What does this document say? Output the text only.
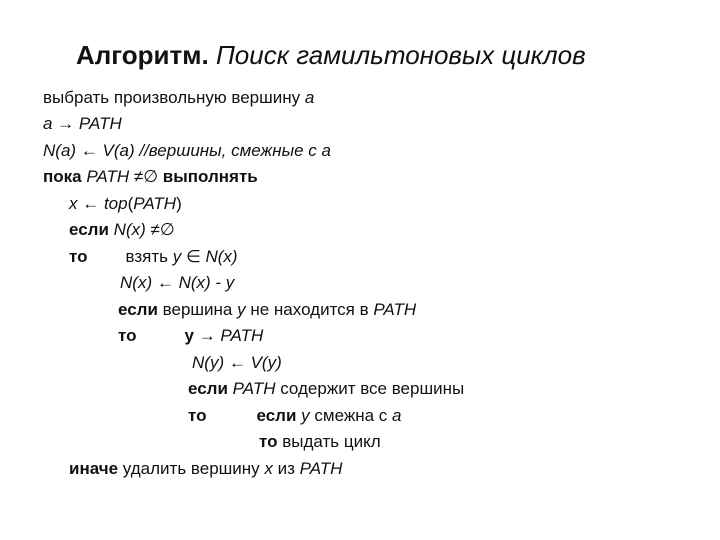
Алгоритм. Поиск гамильтоновых циклов
выбрать произвольную вершину a
a → PATH
N(a) ← V(a) //вершины, смежные с a
пока PATH ≠∅ выполнять
x ← top(PATH)
если N(x) ≠∅
то взять y ∈ N(x)
N(x) ← N(x) - y
если вершина y не находится в PATH
то	y → PATH
N(y) ← V(y)
если PATH содержит все вершины
то	если y смежна с a
то выдать цикл
иначе удалить вершину x из PATH
